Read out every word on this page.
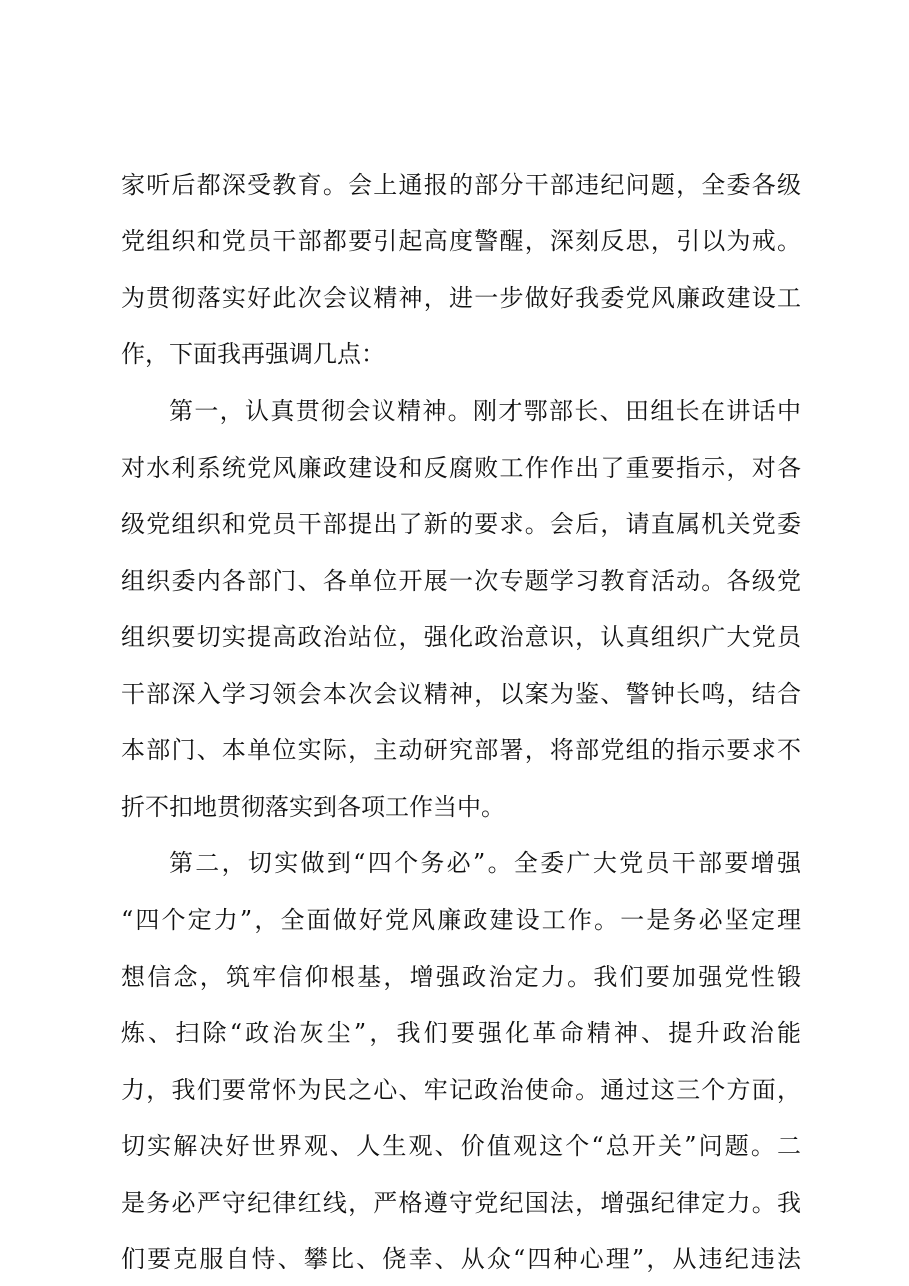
家听后都深受教育。会上通报的部分干部违纪问题，全委各级
党组织和党员干部都要引起高度警醒，深刻反思，引以为戒。
为贯彻落实好此次会议精神，进一步做好我委党风廉政建设工
作，下面我再强调几点：
第一，认真贯彻会议精神。刚才鄂部长、田组长在讲话中
对水利系统党风廉政建设和反腐败工作作出了重要指示，对各
级党组织和党员干部提出了新的要求。会后，请直属机关党委
组织委内各部门、各单位开展一次专题学习教育活动。各级党
组织要切实提高政治站位，强化政治意识，认真组织广大党员
干部深入学习领会本次会议精神，以案为鉴、警钟长鸣，结合
本部门、本单位实际，主动研究部署，将部党组的指示要求不
折不扣地贯彻落实到各项工作当中。
第二，切实做到“四个务必”。全委广大党员干部要增强
“四个定力”，全面做好党风廉政建设工作。一是务必坚定理
想信念，筑牢信仰根基，增强政治定力。我们要加强党性锻
炼、扫除“政治灰尘”，我们要强化革命精神、提升政治能
力，我们要常怀为民之心、牢记政治使命。通过这三个方面，
切实解决好世界观、人生观、价值观这个“总开关”问题。二
是务必严守纪律红线，严格遵守党纪国法，增强纪律定力。我
们要克服自恃、攀比、侥幸、从众“四种心理”，从违纪违法
